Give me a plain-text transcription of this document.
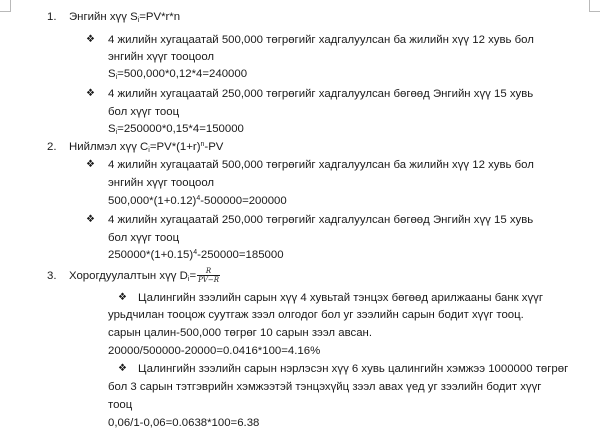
1.	Энгийн хүү $S_i=PV*r*n$
❖ 4 жилийн хугацаатай 500,000 төгрөгийг хадгалуулсан ба жилийн хүү 12 хувь бол
энгийн хүүг тооцоол
$S_i=500,000*0,12*4=240000$
❖ 4 жилийн хугацаатай 250,000 төгрөгийг хадгалуулсан бөгөөд Энгийн хүү 15 хувь
бол хүүг тооц
$S_i=250000*0,15*4=150000$
2.	Нийлмэл хүү $C_i=PV*(1+r)^n-PV$
❖ 4 жилийн хугацаатай 500,000 төгрөгийг хадгалуулсан ба жилийн хүү 12 хувь бол
энгийн хүүг тооцоол
$500,000*(1+0.12)^4-500000=200000$
❖ 4 жилийн хугацаатай 250,000 төгрөгийг хадгалуулсан бөгөөд Энгийн хүү 15 хувь
бол хүүг тооц
$250000*(1+0.15)^4-250000=185000$
3.	Хорогдуулалтын хүү $D_i= \frac{R}{PV-R}$
❖ Цалингийн зээлийн сарын хүү 4 хувьтай тэнцэх бөгөөд арилжааны банк хүүг
урьдчилан тооцож суутгаж зээл олгодог бол уг зээлийн сарын бодит хүүг тооц.
сарын цалин-500,000 төгрөг 10 сарын зээл авсан.
20000/500000-20000=0.0416*100=4.16%
❖ Цалингийн зээлийн сарын нэрлэсэн хүү 6 хувь цалингийн хэмжээ 1000000 төгрөг
бол 3 сарын тэтгэврийн хэмжээтэй тэнцэхүйц зээл авах үед уг зээлийн бодит хүүг
тооц
0,06/1-0,06=0.0638*100=6.38
